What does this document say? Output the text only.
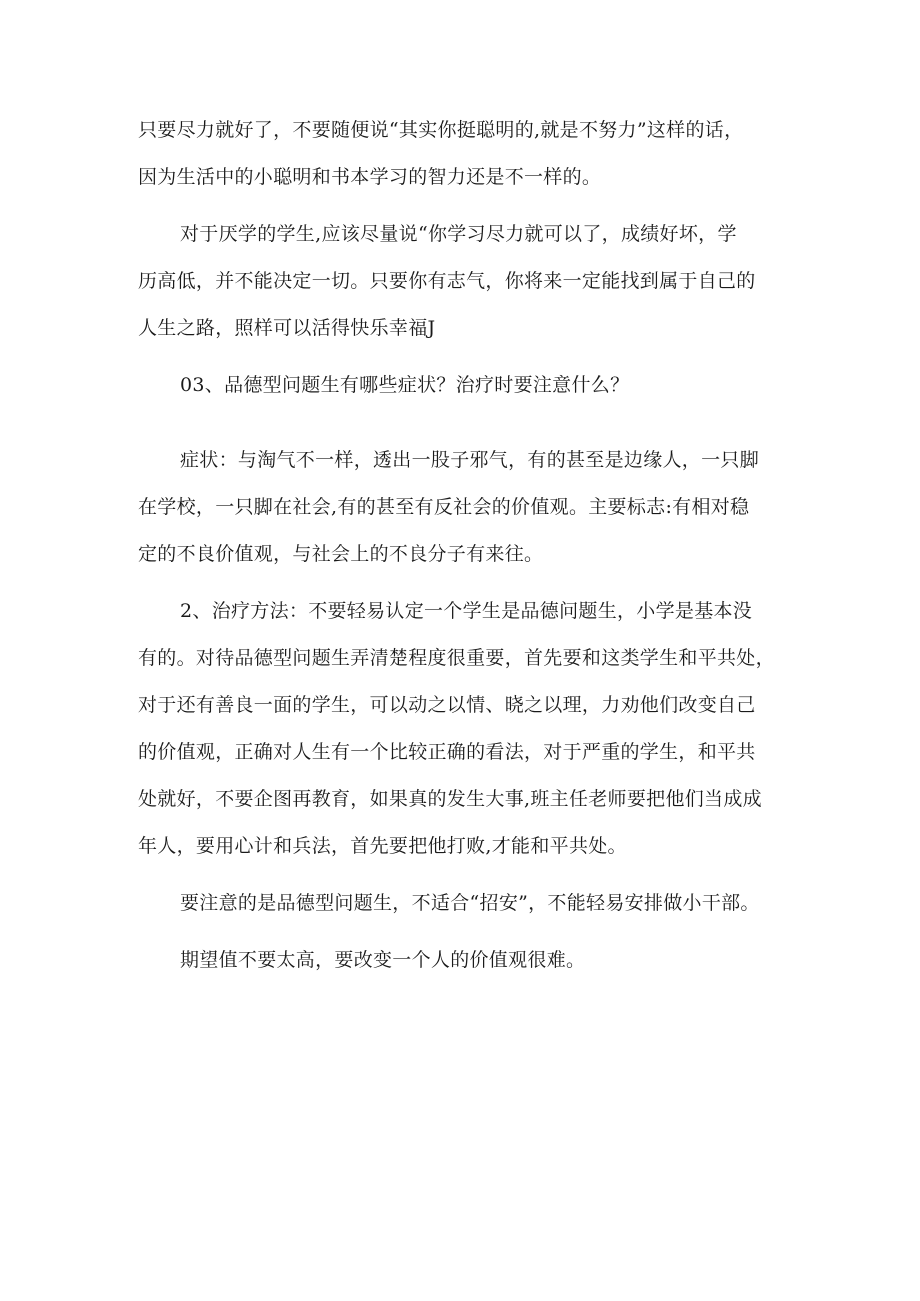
只要尽力就好了，不要随便说“其实你挺聪明的,就是不努力”这样的话，
因为生活中的小聪明和书本学习的智力还是不一样的。

对于厌学的学生,应该尽量说“你学习尽力就可以了，成绩好坏，学
历高低，并不能决定一切。只要你有志气，你将来一定能找到属于自己的
人生之路，照样可以活得快乐幸福J

03、品德型问题生有哪些症状？治疗时要注意什么？

症状：与淘气不一样，透出一股子邪气，有的甚至是边缘人，一只脚
在学校，一只脚在社会,有的甚至有反社会的价值观。主要标志:有相对稳
定的不良价值观，与社会上的不良分子有来往。

2、治疗方法：不要轻易认定一个学生是品德问题生，小学是基本没
有的。对待品德型问题生弄清楚程度很重要，首先要和这类学生和平共处，
对于还有善良一面的学生，可以动之以情、晓之以理，力劝他们改变自己
的价值观，正确对人生有一个比较正确的看法，对于严重的学生，和平共
处就好，不要企图再教育，如果真的发生大事,班主任老师要把他们当成成
年人，要用心计和兵法，首先要把他打败,才能和平共处。

要注意的是品德型问题生，不适合“招安”，不能轻易安排做小干部。

期望值不要太高，要改变一个人的价值观很难。
